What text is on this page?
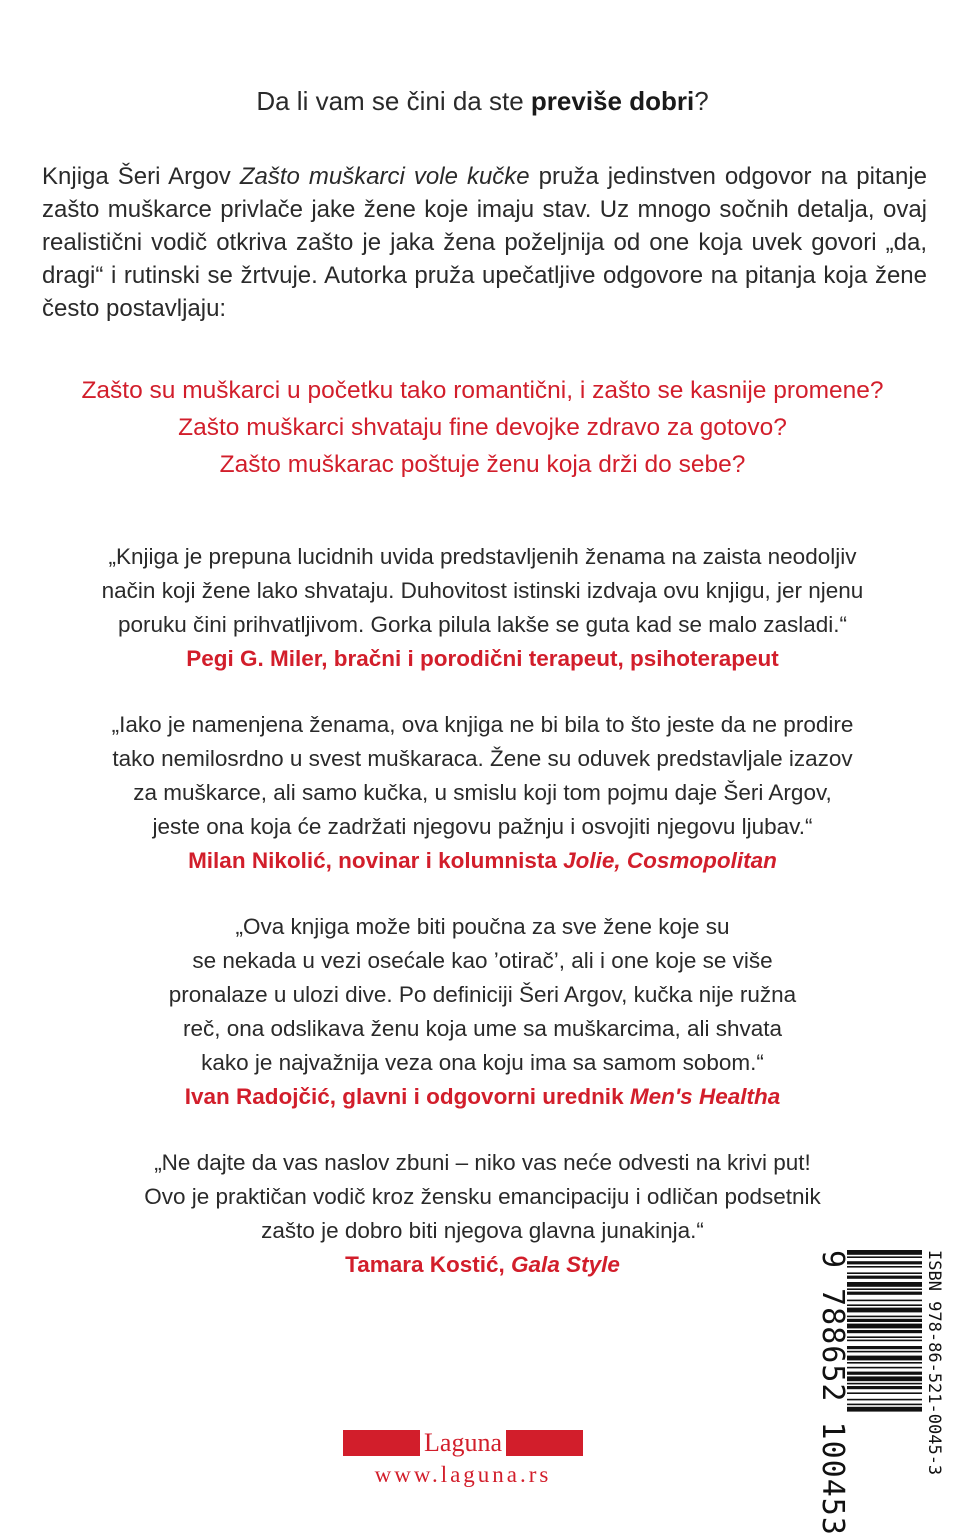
Da li vam se čini da ste previše dobri?
Knjiga Šeri Argov Zašto muškarci vole kučke pruža jedinstven odgovor na pitanje zašto muškarce privlače jake žene koje imaju stav. Uz mnogo sočnih detalja, ovaj realistični vodič otkriva zašto je jaka žena poželjnija od one koja uvek govori „da, dragi“ i rutinski se žrtvuje. Autorka pruža upečatljive odgovore na pitanja koja žene često postavljaju:
Zašto su muškarci u početku tako romantični, i zašto se kasnije promene?
Zašto muškarci shvataju fine devojke zdravo za gotovo?
Zašto muškarac poštuje ženu koja drži do sebe?
„Knjiga je prepuna lucidnih uvida predstavljenih ženama na zaista neodoljiv
način koji žene lako shvataju. Duhovitost istinski izdvaja ovu knjigu, jer njenu
poruku čini prihvatljivom. Gorka pilula lakše se guta kad se malo zasladi.“
Pegi G. Miler, bračni i porodični terapeut, psihoterapeut
„Iako je namenjena ženama, ova knjiga ne bi bila to što jeste da ne prodire
tako nemilosrdno u svest muškaraca. Žene su oduvek predstavljale izazov
za muškarce, ali samo kučka, u smislu koji tom pojmu daje Šeri Argov,
jeste ona koja će zadržati njegovu pažnju i osvojiti njegovu ljubav.“
Milan Nikolić, novinar i kolumnista Jolie, Cosmopolitan
„Ova knjiga može biti poučna za sve žene koje su
se nekada u vezi osećale kao ’otirač’, ali i one koje se više
pronalaze u ulozi dive. Po definiciji Šeri Argov, kučka nije ružna
reč, ona odslikava ženu koja ume sa muškarcima, ali shvata
kako je najvažnija veza ona koju ima sa samom sobom.“
Ivan Radojčić, glavni i odgovorni urednik Men's Healtha
„Ne dajte da vas naslov zbuni – niko vas neće odvesti na krivi put!
Ovo je praktičan vodič kroz žensku emancipaciju i odličan podsetnik
zašto je dobro biti njegova glavna junakinja.“
Tamara Kostić, Gala Style
Laguna
www.laguna.rs	9 788652 100453	ISBN 978-86-521-0045-3
